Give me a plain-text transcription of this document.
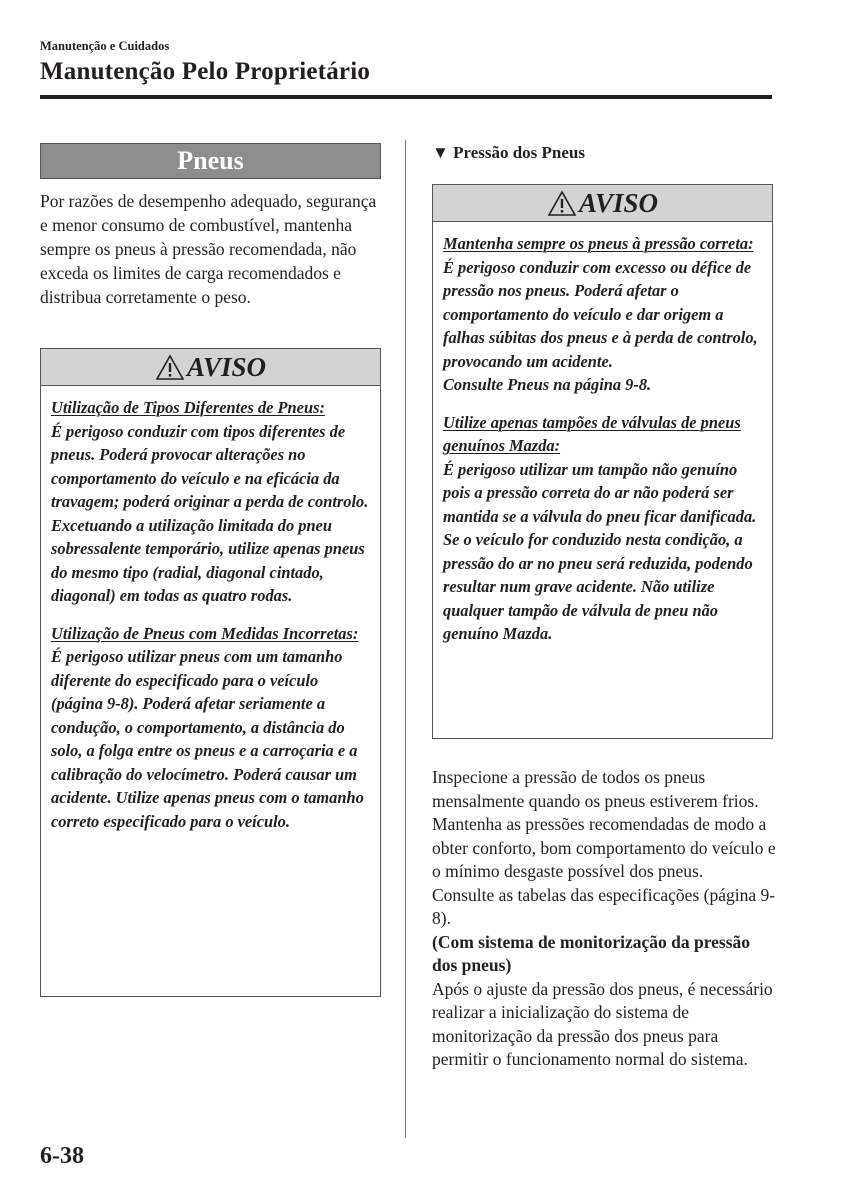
Manutenção e Cuidados
Manutenção Pelo Proprietário
Pneus
Por razões de desempenho adequado, segurança e menor consumo de combustível, mantenha sempre os pneus à pressão recomendada, não exceda os limites de carga recomendados e distribua corretamente o peso.
AVISO
Utilização de Tipos Diferentes de Pneus:
É perigoso conduzir com tipos diferentes de pneus. Poderá provocar alterações no comportamento do veículo e na eficácia da travagem; poderá originar a perda de controlo. Excetuando a utilização limitada do pneu sobressalente temporário, utilize apenas pneus do mesmo tipo (radial, diagonal cintado, diagonal) em todas as quatro rodas.
Utilização de Pneus com Medidas Incorretas:
É perigoso utilizar pneus com um tamanho diferente do especificado para o veículo (página 9-8). Poderá afetar seriamente a condução, o comportamento, a distância do solo, a folga entre os pneus e a carroçaria e a calibração do velocímetro. Poderá causar um acidente. Utilize apenas pneus com o tamanho correto especificado para o veículo.
▼ Pressão dos Pneus
AVISO
Mantenha sempre os pneus à pressão correta:
É perigoso conduzir com excesso ou déficе de pressão nos pneus. Poderá afetar o comportamento do veículo e dar origem a falhas súbitas dos pneus e à perda de controlo, provocando um acidente.
Consulte Pneus na página 9-8.
Utilize apenas tampões de válvulas de pneus genuínos Mazda:
É perigoso utilizar um tampão não genuíno pois a pressão correta do ar não poderá ser mantida se a válvula do pneu ficar danificada. Se o veículo for conduzido nesta condição, a pressão do ar no pneu será reduzida, podendo resultar num grave acidente. Não utilize qualquer tampão de válvula de pneu não genuíno Mazda.
Inspecione a pressão de todos os pneus mensalmente quando os pneus estiverem frios. Mantenha as pressões recomendadas de modo a obter conforto, bom comportamento do veículo e o mínimo desgaste possível dos pneus.
Consulte as tabelas das especificações (página 9-8).
(Com sistema de monitorização da pressão dos pneus)
Após o ajuste da pressão dos pneus, é necessário realizar a inicialização do sistema de monitorização da pressão dos pneus para permitir o funcionamento normal do sistema.
6-38
